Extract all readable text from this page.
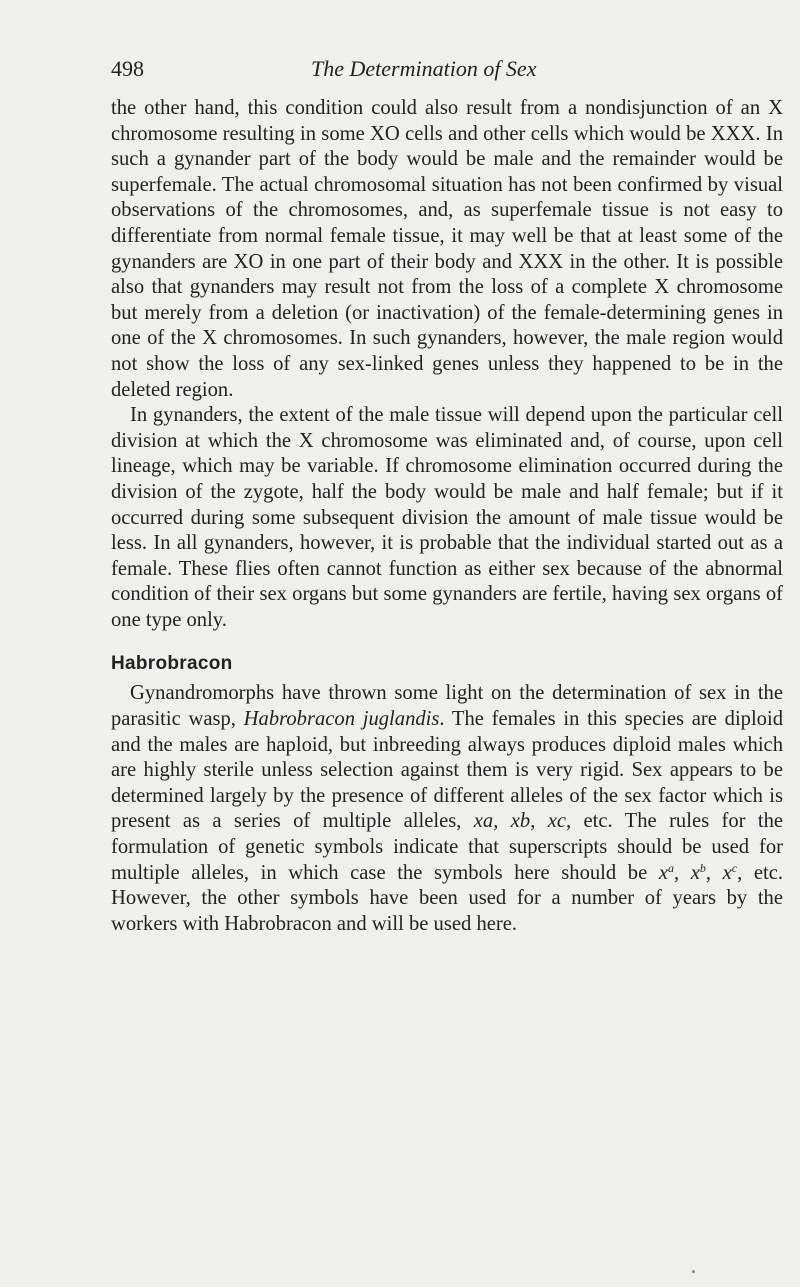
498	The Determination of Sex

the other hand, this condition could also result from a nondisjunction of an X chromosome resulting in some XO cells and other cells which would be XXX. In such a gynander part of the body would be male and the remainder would be superfemale. The actual chromosomal situation has not been confirmed by visual observations of the chromosomes, and, as superfemale tissue is not easy to differentiate from normal female tissue, it may well be that at least some of the gynanders are XO in one part of their body and XXX in the other. It is possible also that gynanders may result not from the loss of a complete X chromosome but merely from a deletion (or inactivation) of the female-determining genes in one of the X chromosomes. In such gynanders, however, the male region would not show the loss of any sex-linked genes unless they happened to be in the deleted region.

In gynanders, the extent of the male tissue will depend upon the particular cell division at which the X chromosome was eliminated and, of course, upon cell lineage, which may be variable. If chromosome elimination occurred during the division of the zygote, half the body would be male and half female; but if it occurred during some subsequent division the amount of male tissue would be less. In all gynanders, however, it is probable that the individual started out as a female. These flies often cannot function as either sex because of the abnormal condition of their sex organs but some gynanders are fertile, having sex organs of one type only.

Habrobracon

Gynandromorphs have thrown some light on the determination of sex in the parasitic wasp, Habrobracon juglandis. The females in this species are diploid and the males are haploid, but inbreeding always produces diploid males which are highly sterile unless selection against them is very rigid. Sex appears to be determined largely by the presence of different alleles of the sex factor which is present as a series of multiple alleles, xa, xb, xc, etc. The rules for the formulation of genetic symbols indicate that superscripts should be used for multiple alleles, in which case the symbols here should be $x^a$, $x^b$, $x^c$, etc. However, the other symbols have been used for a number of years by the workers with Habrobracon and will be used here.
